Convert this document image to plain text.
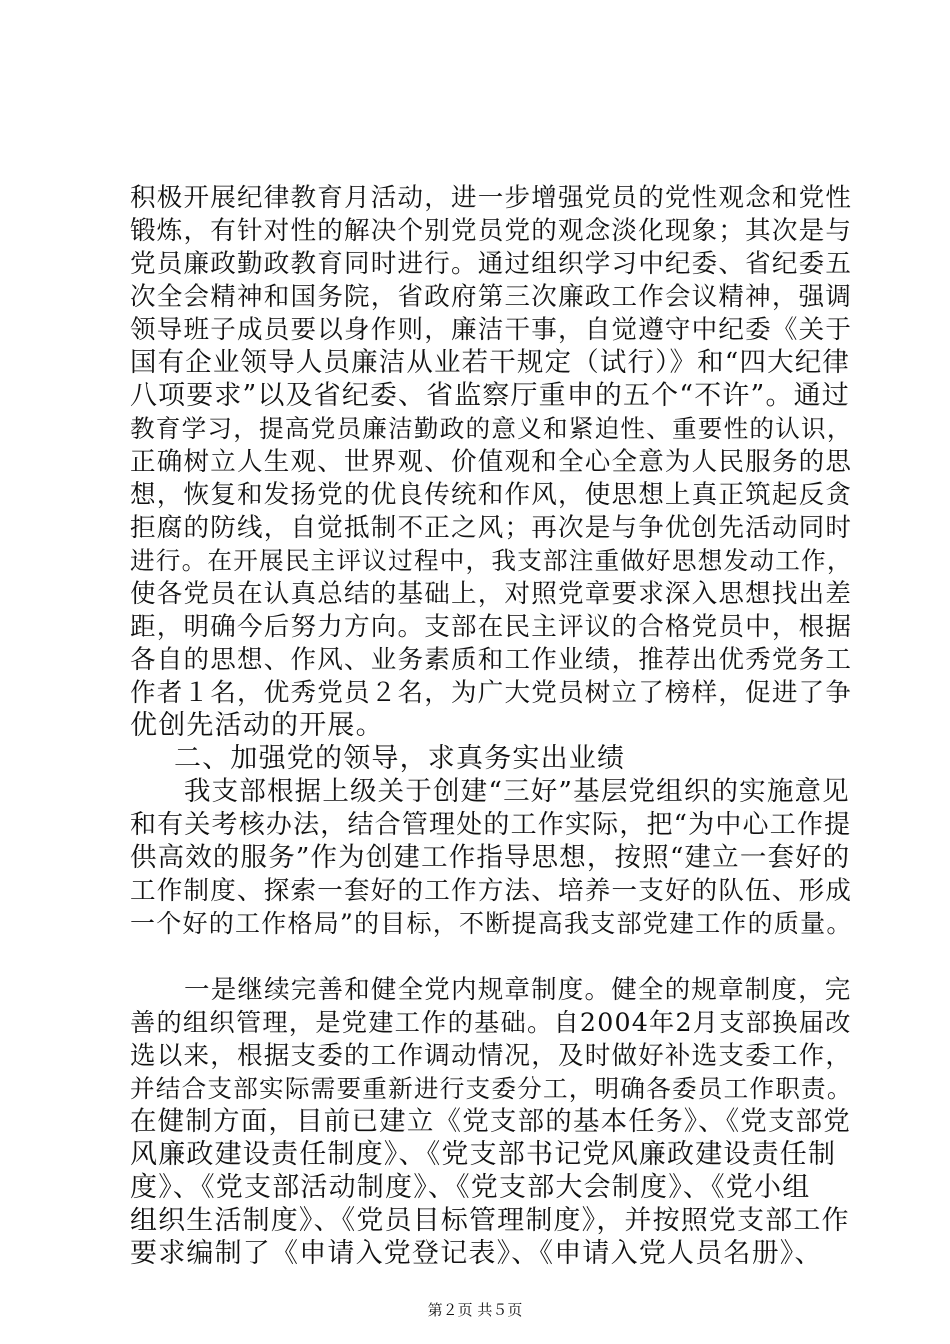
积极开展纪律教育月活动，进一步增强党员的党性观念和党性
锻炼，有针对性的解决个别党员党的观念淡化现象；其次是与
党员廉政勤政教育同时进行。通过组织学习中纪委、省纪委五
次全会精神和国务院，省政府第三次廉政工作会议精神，强调
领导班子成员要以身作则，廉洁干事，自觉遵守中纪委《关于
国有企业领导人员廉洁从业若干规定（试行）》和“四大纪律
八项要求”以及省纪委、省监察厅重申的五个“不许”。通过
教育学习，提高党员廉洁勤政的意义和紧迫性、重要性的认识，
正确树立人生观、世界观、价值观和全心全意为人民服务的思
想，恢复和发扬党的优良传统和作风，使思想上真正筑起反贪
拒腐的防线，自觉抵制不正之风；再次是与争优创先活动同时
进行。在开展民主评议过程中，我支部注重做好思想发动工作，
使各党员在认真总结的基础上，对照党章要求深入思想找出差
距，明确今后努力方向。支部在民主评议的合格党员中，根据
各自的思想、作风、业务素质和工作业绩，推荐出优秀党务工
作者１名，优秀党员２名，为广大党员树立了榜样，促进了争
优创先活动的开展。
二、加强党的领导，求真务实出业绩
我支部根据上级关于创建“三好”基层党组织的实施意见
和有关考核办法，结合管理处的工作实际，把“为中心工作提
供高效的服务”作为创建工作指导思想，按照“建立一套好的
工作制度、探索一套好的工作方法、培养一支好的队伍、形成
一个好的工作格局”的目标，不断提高我支部党建工作的质量。
一是继续完善和健全党内规章制度。健全的规章制度，完
善的组织管理，是党建工作的基础。自2004年2月支部换届改
选以来，根据支委的工作调动情况，及时做好补选支委工作，
并结合支部实际需要重新进行支委分工，明确各委员工作职责。
在健制方面，目前已建立《党支部的基本任务》、《党支部党
风廉政建设责任制度》、《党支部书记党风廉政建设责任制
度》、《党支部活动制度》、《党支部大会制度》、《党小组
组织生活制度》、《党员目标管理制度》，并按照党支部工作
要求编制了《申请入党登记表》、《申请入党人员名册》、
第２页 共５页
